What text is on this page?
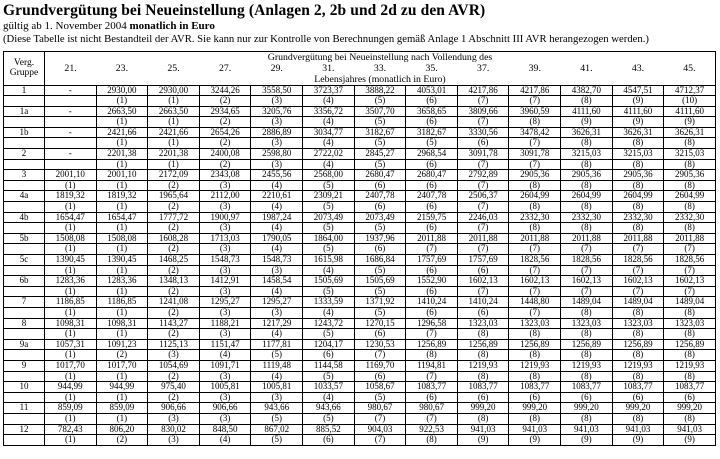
Grundvergütung bei Neueinstellung (Anlagen 2, 2b und 2d zu den AVR)
gültig ab 1. November 2004 monatlich in Euro
(Diese Tabelle ist nicht Bestandteil der AVR. Sie kann nur zur Kontrolle von Berechnungen gemäß Anlage 1 Abschnitt III AVR herangezogen werden.)
Verg.
Gruppe	Grundvergütung bei Neueinstellung nach Vollendung des												
	21.	23.	25.	27.	29.	31.	33.	35.	37.	39.	41.	43.	45.
	Lebensjahres (monatlich in Euro)												
1	-	2930,00	2930,00	3244,26	3558,50	3723,37	3888,22	4053,01	4217,86	4217,86	4382,70	4547,51	4712,37
		(1)	(1)	(2)	(3)	(4)	(5)	(6)	(7)	(7)	(8)	(9)	(10)
1a	-	2663,50	2663,50	2934,65	3205,76	3356,72	3507,70	3658,65	3809,66	3960,59	4111,60	4111,60	4111,60
		(1)	(1)	(2)	(3)	(4)	(5)	(6)	(7)	(8)	(9)	(9)	(9)
1b	-	2421,66	2421,66	2654,26	2886,89	3034,77	3182,67	3182,67	3330,56	3478,42	3626,31	3626,31	3626,31
		(1)	(1)	(2)	(3)	(4)	(5)	(5)	(6)	(7)	(8)	(8)	(8)
2	-	2201,38	2201,38	2400,08	2598,80	2722,02	2845,27	2968,54	3091,78	3091,78	3215,03	3215,03	3215,03
		(1)	(1)	(2)	(3)	(4)	(5)	(6)	(7)	(7)	(8)	(8)	(8)
3	2001,10	2001,10	2172,09	2343,08	2455,56	2568,00	2680,47	2680,47	2792,89	2905,36	2905,36	2905,36	2905,36
	(1)	(1)	(2)	(3)	(4)	(5)	(6)	(6)	(7)	(8)	(8)	(8)	(8)
4a	1819,32	1819,32	1965,64	2112,00	2210,61	2309,21	2407,78	2407,78	2506,37	2604,99	2604,99	2604,99	2604,99
	(1)	(1)	(2)	(3)	(4)	(5)	(6)	(6)	(7)	(8)	(8)	(8)	(8)
4b	1654,47	1654,47	1777,72	1900,97	1987,24	2073,49	2073,49	2159,75	2246,03	2332,30	2332,30	2332,30	2332,30
	(1)	(1)	(2)	(3)	(4)	(5)	(5)	(6)	(7)	(8)	(8)	(8)	(8)
5b	1508,08	1508,08	1608,28	1713,03	1790,05	1864,00	1937,96	2011,88	2011,88	2011,88	2011,88	2011,88	2011,88
	(1)	(1)	(2)	(3)	(4)	(5)	(6)	(7)	(7)	(7)	(7)	(7)	(7)
5c	1390,45	1390,45	1468,25	1548,73	1548,73	1615,98	1686,84	1757,69	1757,69	1828,56	1828,56	1828,56	1828,56
	(1)	(1)	(2)	(3)	(3)	(4)	(5)	(6)	(6)	(7)	(7)	(7)	(7)
6b	1283,36	1283,36	1348,13	1412,91	1458,54	1505,69	1505,69	1552,90	1602,13	1602,13	1602,13	1602,13	1602,13
	(1)	(1)	(2)	(3)	(4)	(5)	(5)	(6)	(7)	(7)	(7)	(7)	(7)
7	1186,85	1186,85	1241,08	1295,27	1295,27	1333,59	1371,92	1410,24	1410,24	1448,80	1489,04	1489,04	1489,04
	(1)	(1)	(2)	(3)	(3)	(4)	(5)	(6)	(6)	(7)	(8)	(8)	(8)
8	1098,31	1098,31	1143,27	1188,21	1217,29	1243,72	1270,15	1296,58	1323,03	1323,03	1323,03	1323,03	1323,03
	(1)	(1)	(2)	(3)	(4)	(5)	(6)	(7)	(8)	(8)	(8)	(8)	(8)
9a	1057,31	1091,23	1125,13	1151,47	1177,81	1204,17	1230,53	1256,89	1256,89	1256,89	1256,89	1256,89	1256,89
	(1)	(2)	(3)	(4)	(5)	(6)	(7)	(8)	(8)	(8)	(8)	(8)	(8)
9	1017,70	1017,70	1054,69	1091,71	1119,48	1144,58	1169,70	1194,81	1219,93	1219,93	1219,93	1219,93	1219,93
	(1)	(1)	(2)	(3)	(4)	(5)	(6)	(7)	(8)	(8)	(8)	(8)	(8)
10	944,99	944,99	975,40	1005,81	1005,81	1033,57	1058,67	1083,77	1083,77	1083,77	1083,77	1083,77	1083,77
	(1)	(1)	(2)	(3)	(3)	(4)	(5)	(6)	(6)	(6)	(6)	(6)	(6)
11	859,09	859,09	906,66	906,66	943,66	943,66	980,67	980,67	999,20	999,20	999,20	999,20	999,20
	(1)	(1)	(3)	(3)	(5)	(5)	(7)	(7)	(8)	(8)	(8)	(8)	(8)
12	782,43	806,20	830,02	848,50	867,02	885,52	904,03	922,53	941,03	941,03	941,03	941,03	941,03
	(1)	(2)	(3)	(4)	(5)	(6)	(7)	(8)	(9)	(9)	(9)	(9)	(9)
